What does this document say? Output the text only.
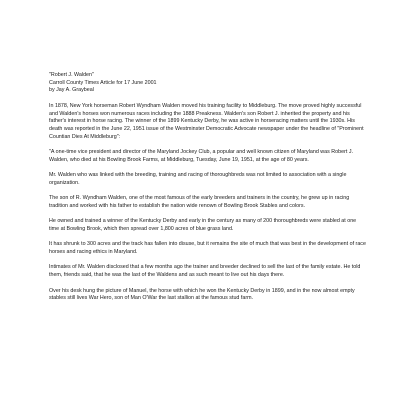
"Robert J. Walden"
Carroll County Times Article for 17 June 2001
by Jay A. Graybeal

In 1878, New York horseman Robert Wyndham Walden moved his training facility to Middleburg. The move proved highly successful and Walden's horses won numerous races including the 1888 Preakness. Walden's son Robert J. inherited the property and his father's interest in horse racing. The winner of the 1899 Kentucky Derby, he was active in horseracing matters until the 1930s. His death was reported in the June 22, 1951 issue of the Westminster Democratic Advocate newspaper under the headline of "Prominent Countian Dies At Middleburg":

"A one-time vice president and director of the Maryland Jockey Club, a popular and well known citizen of Maryland was Robert J. Walden, who died at his Bowling Brook Farms, at Middleburg, Tuesday, June 19, 1951, at the age of 80 years.

Mr. Walden who was linked with the breeding, training and racing of thoroughbreds was not limited to association with a single organization.

The son of R. Wyndham Walden, one of the most famous of the early breeders and trainers in the country, he grew up in racing tradition and worked with his father to establish the nation wide renown of Bowling Brook Stables and colors.

He owned and trained a winner of the Kentucky Derby and early in the century as many of 200 thoroughbreds were stabled at one time at Bowling Brook, which then spread over 1,800 acres of blue grass land.

It has shrunk to 300 acres and the track has fallen into disuse, but it remains the site of much that was best in the development of race horses and racing ethics in Maryland.

Intimates of Mr. Walden disclosed that a few months ago the trainer and breeder declined to sell the last of the family estate. He told them, friends said, that he was the last of the Waldens and as such meant to live out his days there.

Over his desk hung the picture of Manuel, the horse with which he won the Kentucky Derby in 1899, and in the now almost empty stables still lives War Hero, son of Man O'War the last stallion at the famous stud farm.
